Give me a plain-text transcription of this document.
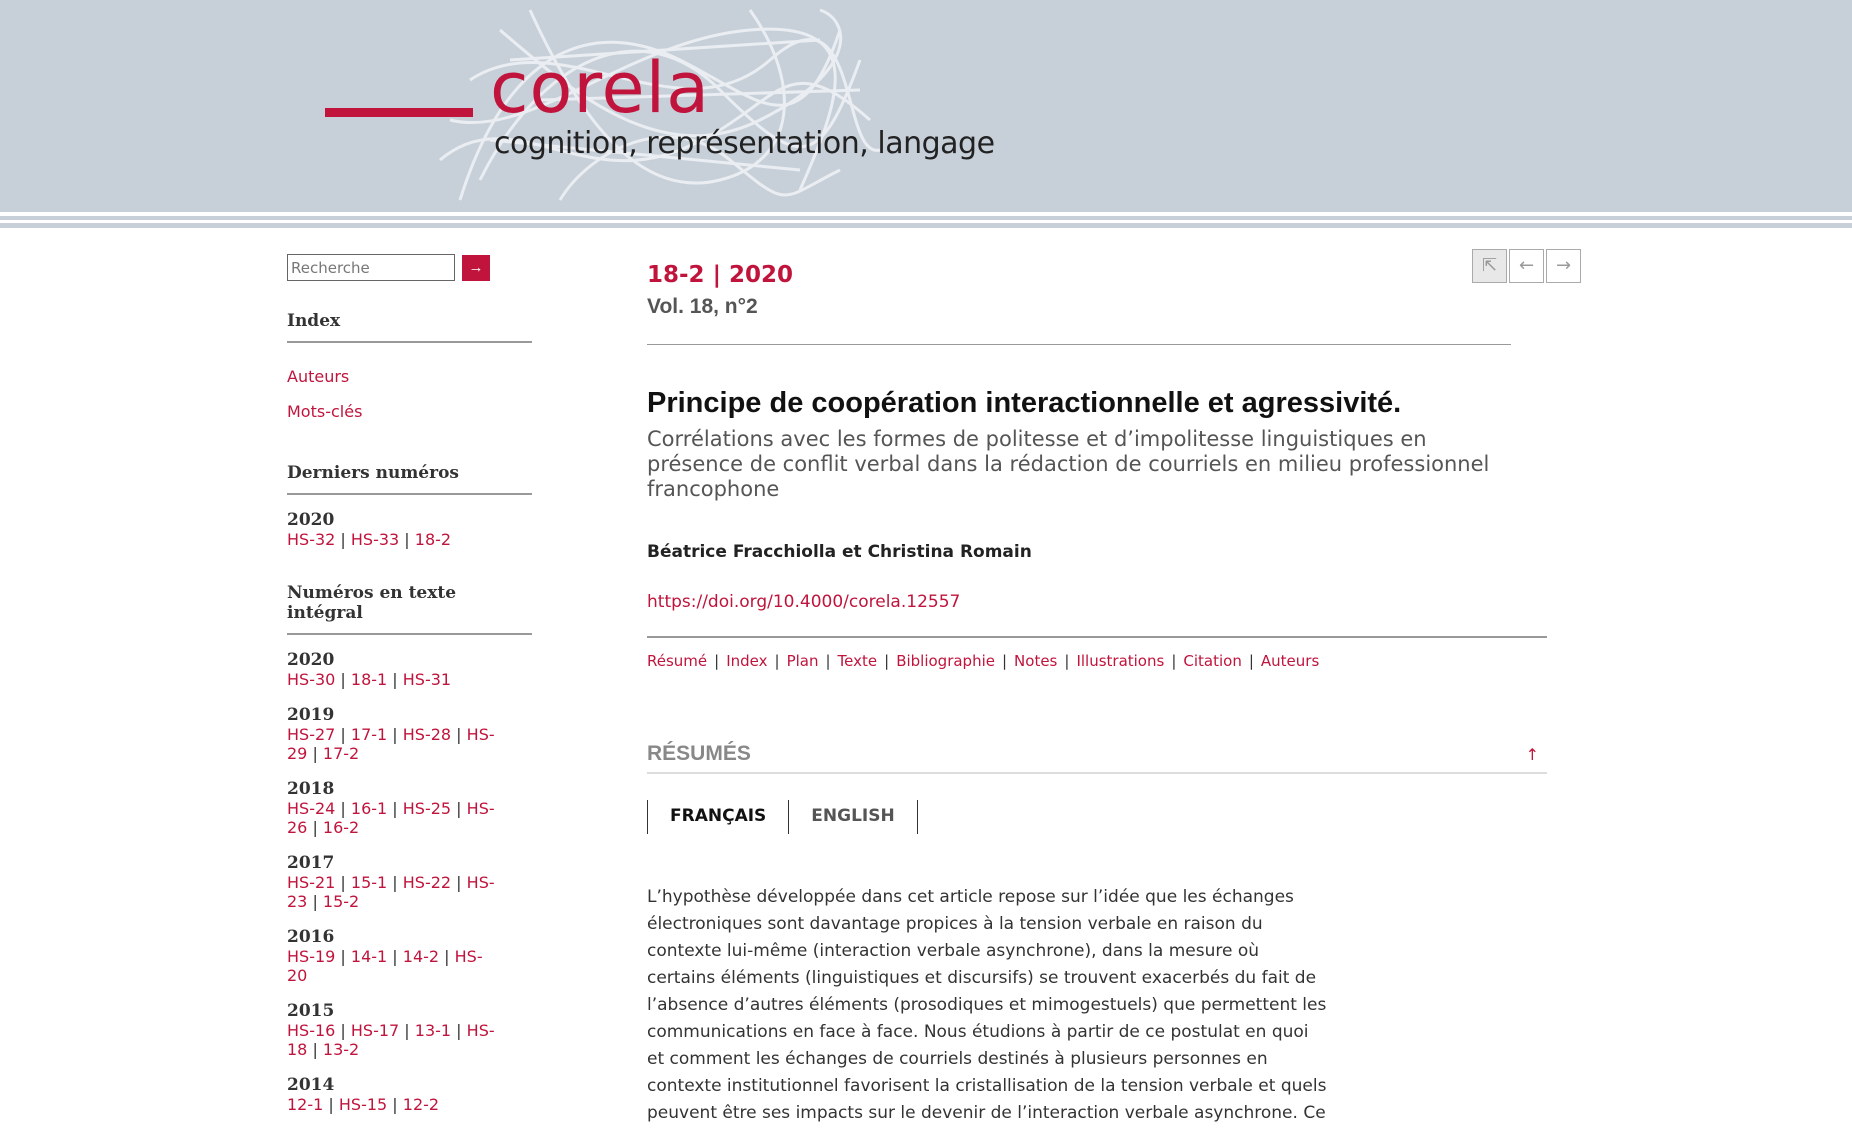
corela
cognition, représentation, langage
Recherche
→
Index
Auteurs
Mots-clés
Derniers numéros
2020
HS-32 | HS-33 | 18-2
Numéros en texte intégral
2020
HS-30 | 18-1 | HS-31
2019
HS-27 | 17-1 | HS-28 | HS-
29 | 17-2
2018
HS-24 | 16-1 | HS-25 | HS-
26 | 16-2
2017
HS-21 | 15-1 | HS-22 | HS-
23 | 15-2
2016
HS-19 | 14-1 | 14-2 | HS-
20
2015
HS-16 | HS-17 | 13-1 | HS-
18 | 13-2
2014
12-1 | HS-15 | 12-2
⇱	←	→
18-2 | 2020
Vol. 18, n°2
Principe de coopération interactionnelle et agressivité.
Corrélations avec les formes de politesse et d’impolitesse linguistiques en présence de conflit verbal dans la rédaction de courriels en milieu professionnel francophone
Béatrice Fracchiolla et Christina Romain
https://doi.org/10.4000/corela.12557
Résumé | Index | Plan | Texte | Bibliographie | Notes | Illustrations | Citation | Auteurs
RÉSUMÉS	↑
FRANÇAIS	ENGLISH
L’hypothèse développée dans cet article repose sur l’idée que les échanges
électroniques sont davantage propices à la tension verbale en raison du
contexte lui-même (interaction verbale asynchrone), dans la mesure où
certains éléments (linguistiques et discursifs) se trouvent exacerbés du fait de
l’absence d’autres éléments (prosodiques et mimogestuels) que permettent les
communications en face à face. Nous étudions à partir de ce postulat en quoi
et comment les échanges de courriels destinés à plusieurs personnes en
contexte institutionnel favorisent la cristallisation de la tension verbale et quels
peuvent être ses impacts sur le devenir de l’interaction verbale asynchrone. Ce
